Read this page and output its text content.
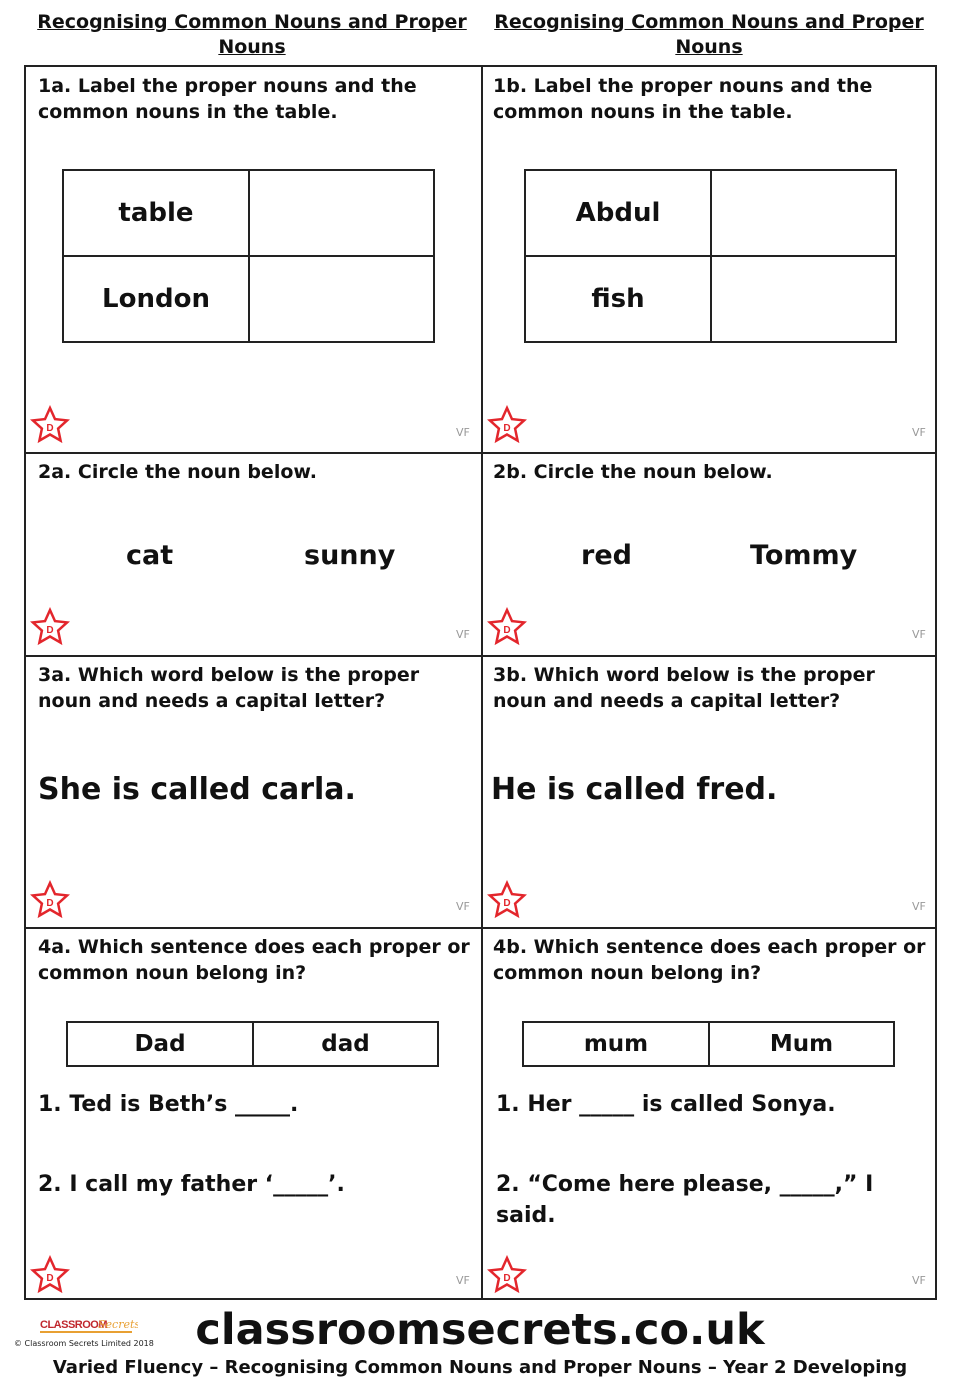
Recognising Common Nouns and Proper Nouns
Recognising Common Nouns and Proper Nouns
1a. Label the proper nouns and the common nouns in the table.
table	
London	
1b. Label the proper nouns and the common nouns in the table.
Abdul	
fish	
2a. Circle the noun below.
cat	sunny
2b. Circle the noun below.
red	Tommy
3a. Which word below is the proper noun and needs a capital letter?
She is called carla.
3b. Which word below is the proper noun and needs a capital letter?
He is called fred.
4a. Which sentence does each proper or common noun belong in?
Dad	dad
1. Ted is Beth’s _____.
2. I call my father ‘_____’.
4b. Which sentence does each proper or common noun belong in?
mum	Mum
1. Her _____ is called Sonya.
2. “Come here please, _____,” I said.
D	D
D	D
D	D
D	D
VF	VF
VF	VF
VF	VF
VF	VF
CLASSROOM
Secrets
© Classroom Secrets Limited 2018 classroomsecrets.co.uk
Varied Fluency – Recognising Common Nouns and Proper Nouns – Year 2 Developing
